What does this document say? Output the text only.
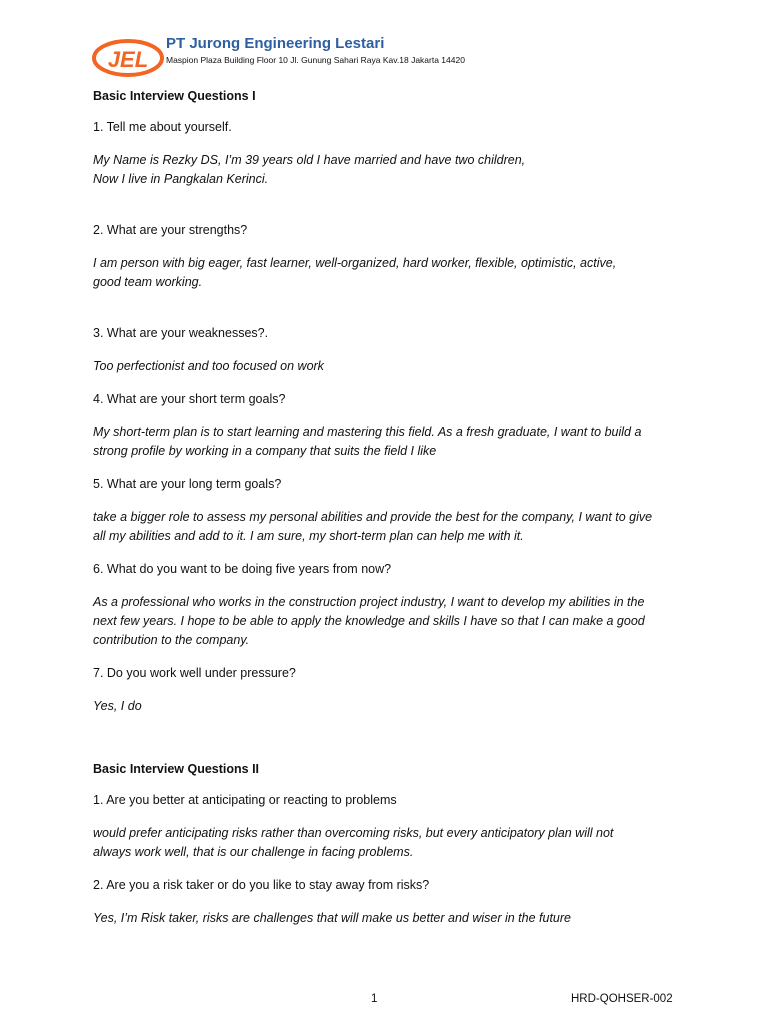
JEL
PT Jurong Engineering Lestari
Maspion Plaza Building Floor 10 Jl. Gunung Sahari Raya Kav.18 Jakarta 14420

Basic Interview Questions I

1. Tell me about yourself.

My Name is Rezky DS, I’m 39 years old I have married and have two children,
Now I live in Pangkalan Kerinci.

2. What are your strengths?

I am person with big eager, fast learner, well-organized, hard worker, flexible, optimistic, active,
good team working.

3. What are your weaknesses?.

Too perfectionist and too focused on work

4. What are your short term goals?

My short-term plan is to start learning and mastering this field. As a fresh graduate, I want to build a
strong profile by working in a company that suits the field I like

5. What are your long term goals?

take a bigger role to assess my personal abilities and provide the best for the company, I want to give
all my abilities and add to it. I am sure, my short-term plan can help me with it.

6. What do you want to be doing five years from now?

As a professional who works in the construction project industry, I want to develop my abilities in the
next few years. I hope to be able to apply the knowledge and skills I have so that I can make a good
contribution to the company.

7. Do you work well under pressure?

Yes, I do

Basic Interview Questions II

1. Are you better at anticipating or reacting to problems

would prefer anticipating risks rather than overcoming risks, but every anticipatory plan will not
always work well, that is our challenge in facing problems.

2. Are you a risk taker or do you like to stay away from risks?

Yes, I’m Risk taker, risks are challenges that will make us better and wiser in the future

1	HRD-QOHSER-002
